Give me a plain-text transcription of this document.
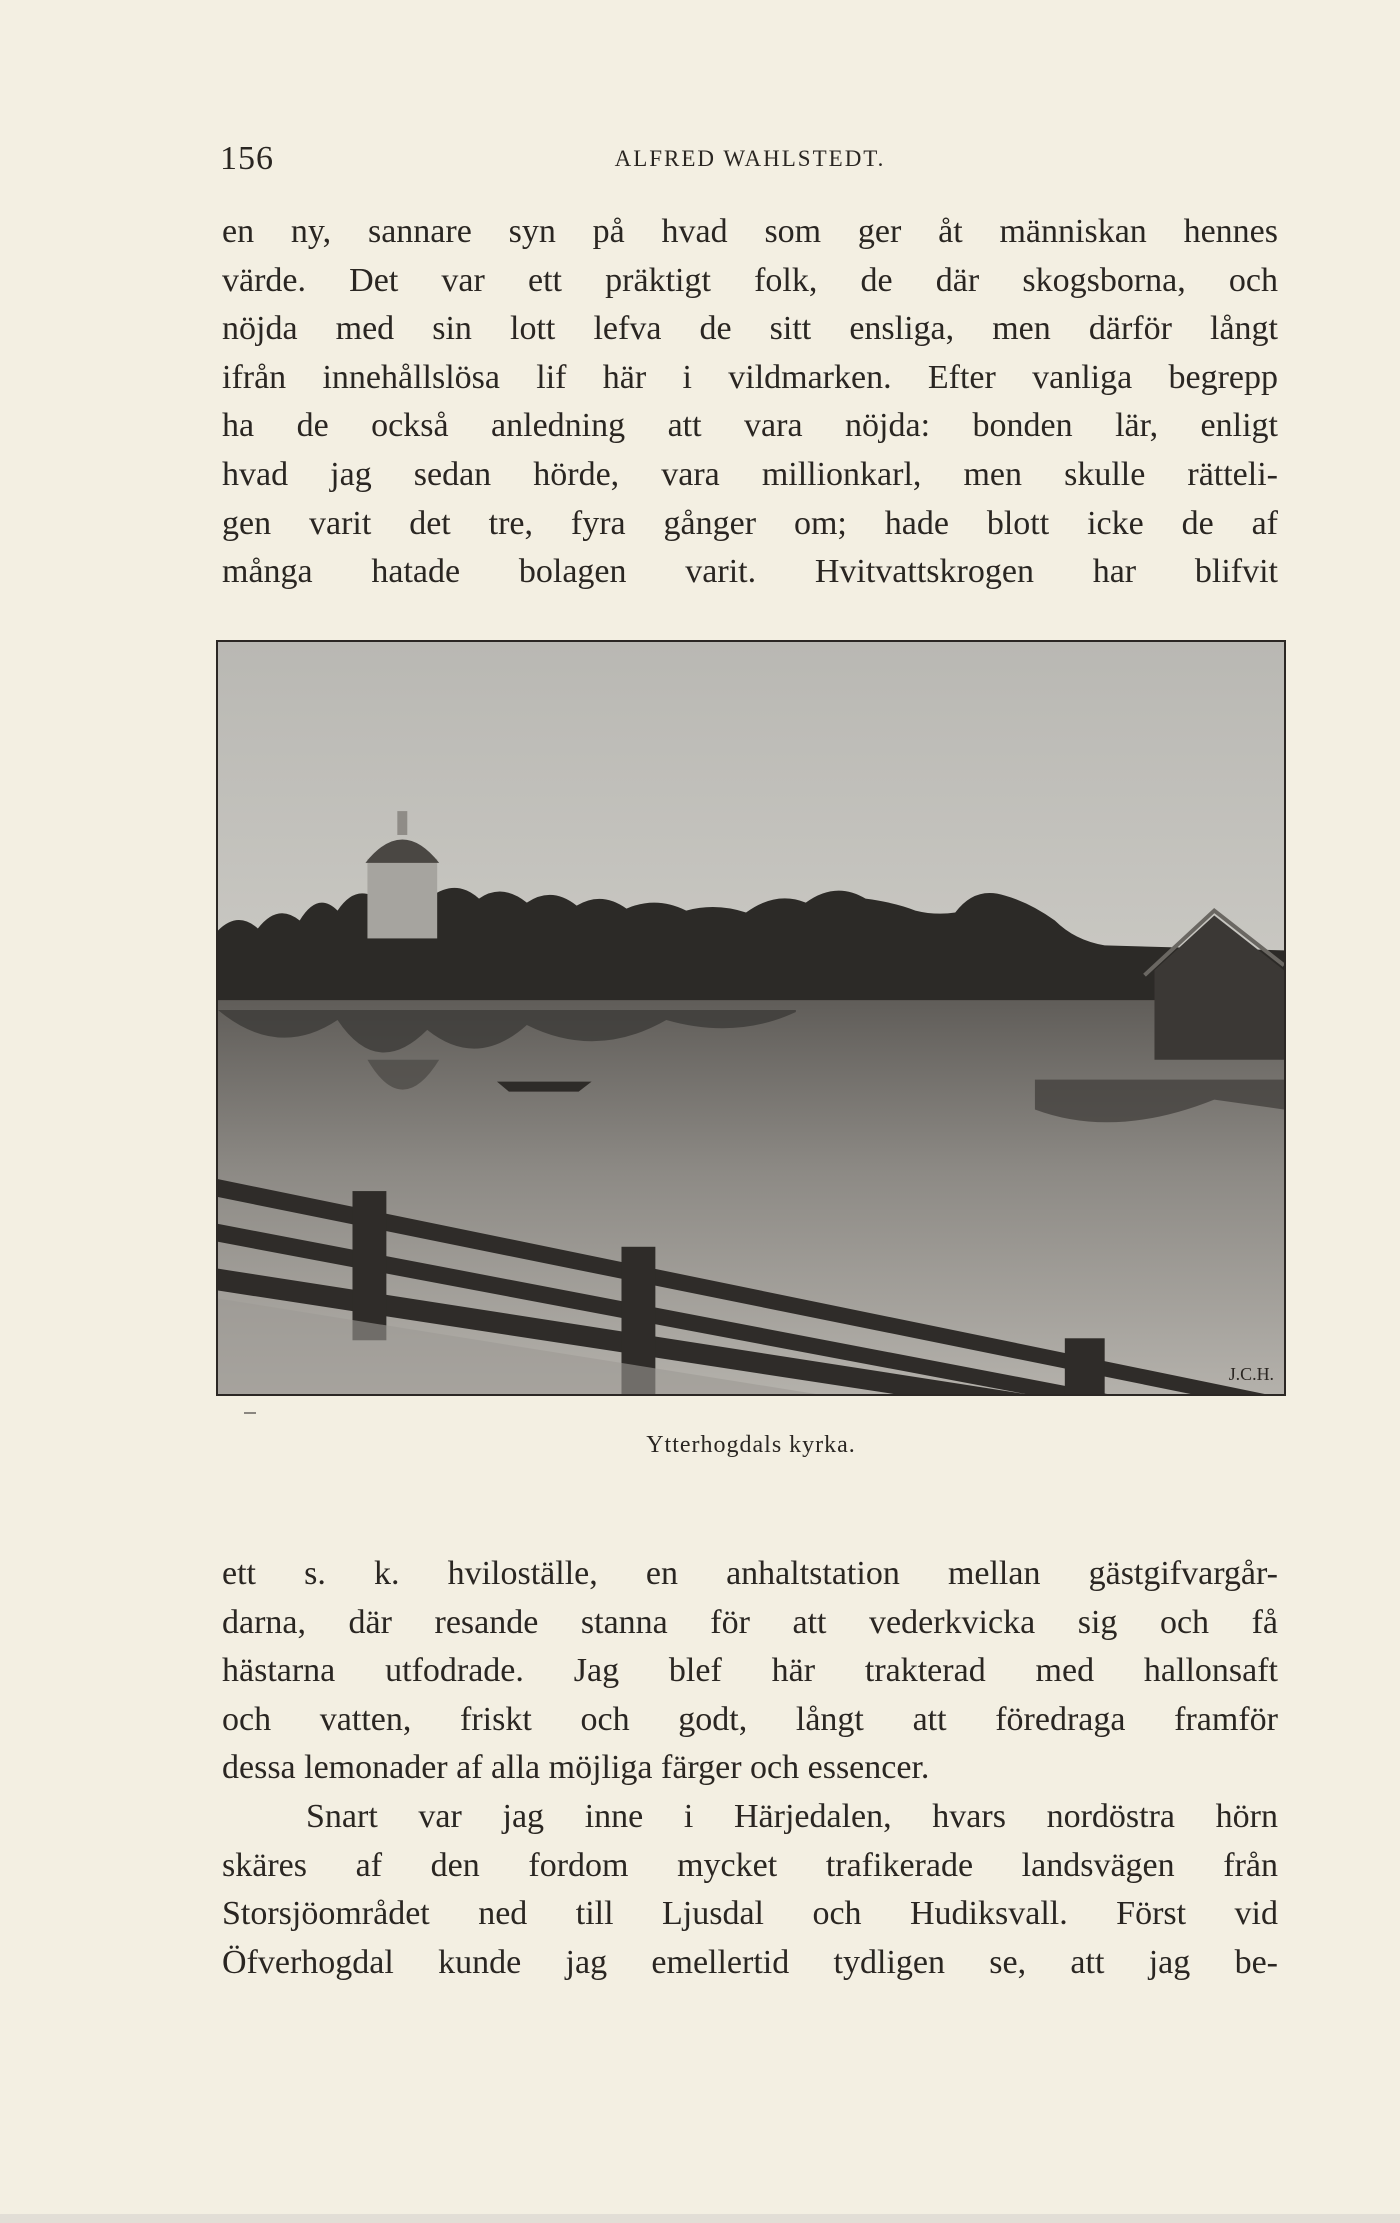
156	ALFRED WAHLSTEDT.

en ny, sannare syn på hvad som ger åt människan hennes
värde. Det var ett präktigt folk, de där skogsborna, och
nöjda med sin lott lefva de sitt ensliga, men därför långt
ifrån innehållslösa lif här i vildmarken. Efter vanliga begrepp
ha de också anledning att vara nöjda: bonden lär, enligt
hvad jag sedan hörde, vara millionkarl, men skulle rätteli-
gen varit det tre, fyra gånger om; hade blott icke de af
många hatade bolagen varit. Hvitvattskrogen har blifvit

J.C.H.
Ytterhogdals kyrka.

ett s. k. hviloställe, en anhaltstation mellan gästgifvargår-
darna, där resande stanna för att vederkvicka sig och få
hästarna utfodrade. Jag blef här trakterad med hallonsaft
och vatten, friskt och godt, långt att föredraga framför
dessa lemonader af alla möjliga färger och essencer.

Snart var jag inne i Härjedalen, hvars nordöstra hörn
skäres af den fordom mycket trafikerade landsvägen från
Storsjöområdet ned till Ljusdal och Hudiksvall. Först vid
Öfverhogdal kunde jag emellertid tydligen se, att jag be-
